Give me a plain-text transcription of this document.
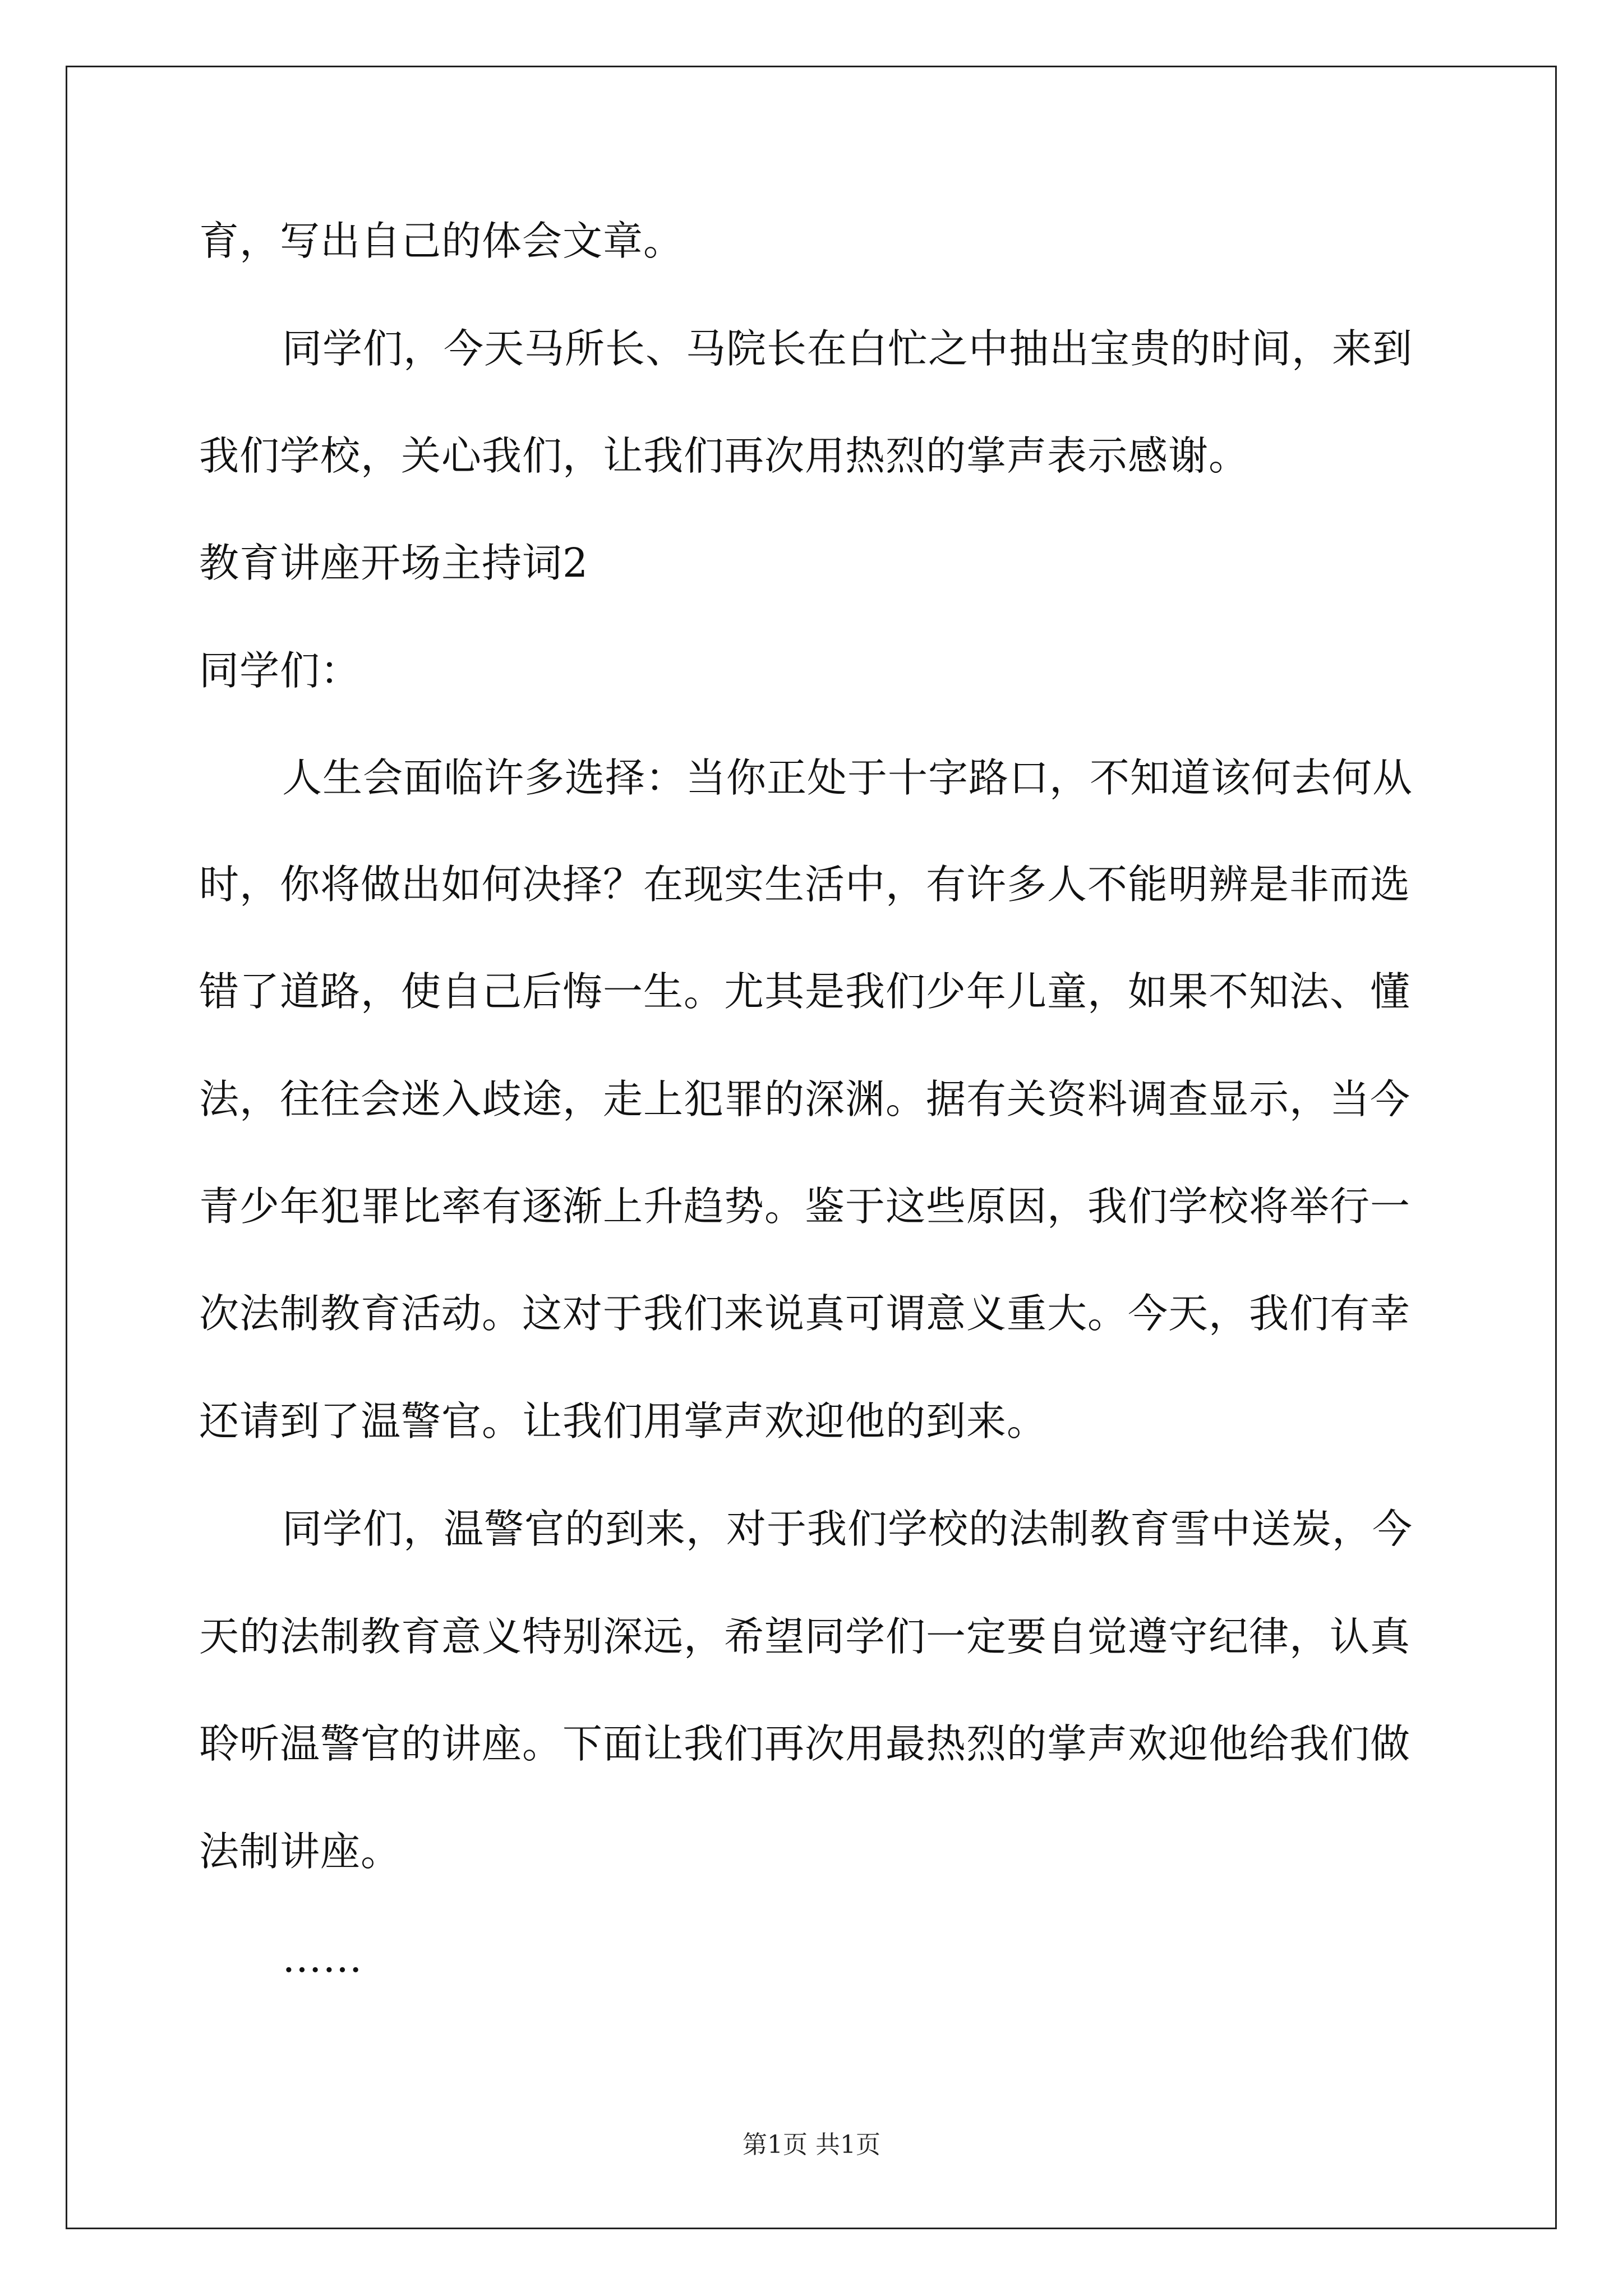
育，写出自己的体会文章。
同学们，今天马所长、马院长在白忙之中抽出宝贵的时间，来到
我们学校，关心我们，让我们再次用热烈的掌声表示感谢。
教育讲座开场主持词2
同学们：
人生会面临许多选择：当你正处于十字路口，不知道该何去何从
时，你将做出如何决择？在现实生活中，有许多人不能明辨是非而选
错了道路，使自己后悔一生。尤其是我们少年儿童，如果不知法、懂
法，往往会迷入歧途，走上犯罪的深渊。据有关资料调查显示，当今
青少年犯罪比率有逐渐上升趋势。鉴于这些原因，我们学校将举行一
次法制教育活动。这对于我们来说真可谓意义重大。今天，我们有幸
还请到了温警官。让我们用掌声欢迎他的到来。
同学们，温警官的到来，对于我们学校的法制教育雪中送炭，今
天的法制教育意义特别深远，希望同学们一定要自觉遵守纪律，认真
聆听温警官的讲座。下面让我们再次用最热烈的掌声欢迎他给我们做
法制讲座。
……
第1页 共1页
